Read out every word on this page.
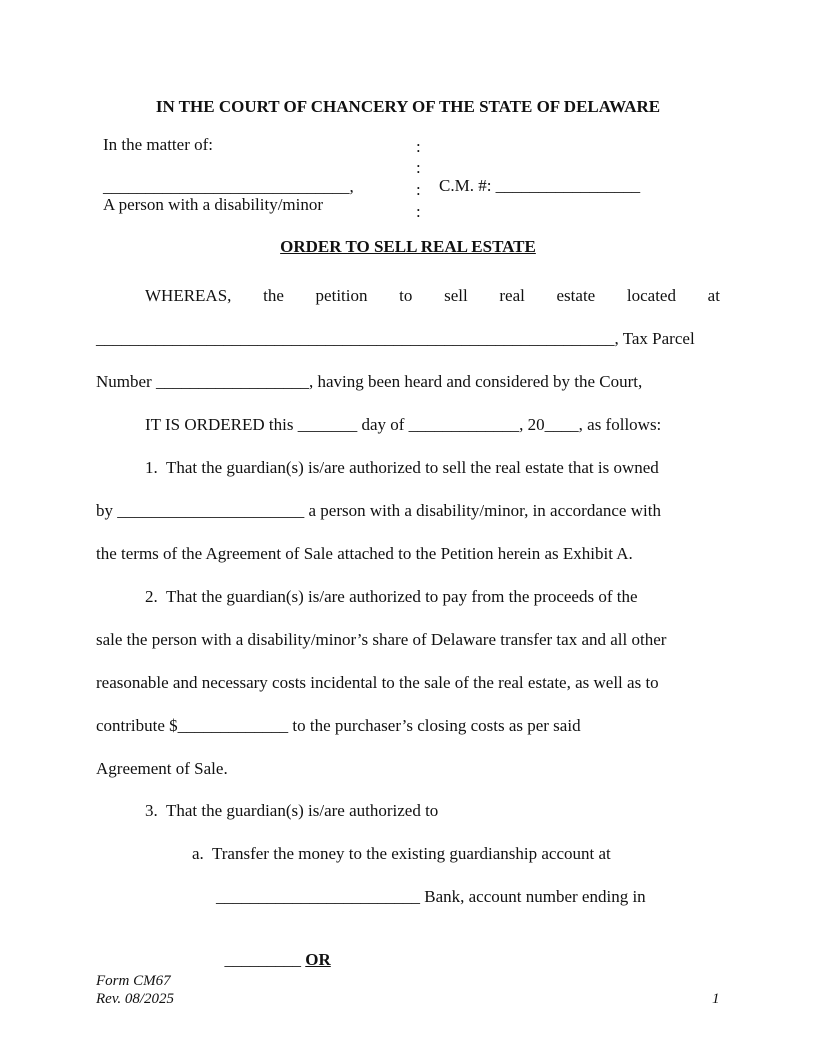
IN THE COURT OF CHANCERY OF THE STATE OF DELAWARE
In the matter of:
_____________________________,
A person with a disability/minor
:
:
:
:
C.M. #: _________________
ORDER TO SELL REAL ESTATE
WHEREAS, the petition to sell real estate located at
_____________________________________________________________, Tax Parcel
Number __________________, having been heard and considered by the Court,
IT IS ORDERED this _______ day of _____________, 20____, as follows:
1.  That the guardian(s) is/are authorized to sell the real estate that is owned
by ______________________ a person with a disability/minor, in accordance with
the terms of the Agreement of Sale attached to the Petition herein as Exhibit A.
2.  That the guardian(s) is/are authorized to pay from the proceeds of the
sale the person with a disability/minor’s share of Delaware transfer tax and all other
reasonable and necessary costs incidental to the sale of the real estate, as well as to
contribute $_____________ to the purchaser’s closing costs as per said
Agreement of Sale.
3.  That the guardian(s) is/are authorized to
a.  Transfer the money to the existing guardianship account at
________________________ Bank, account number ending in

_________ OR

Form CM67
Rev. 08/2025	1
